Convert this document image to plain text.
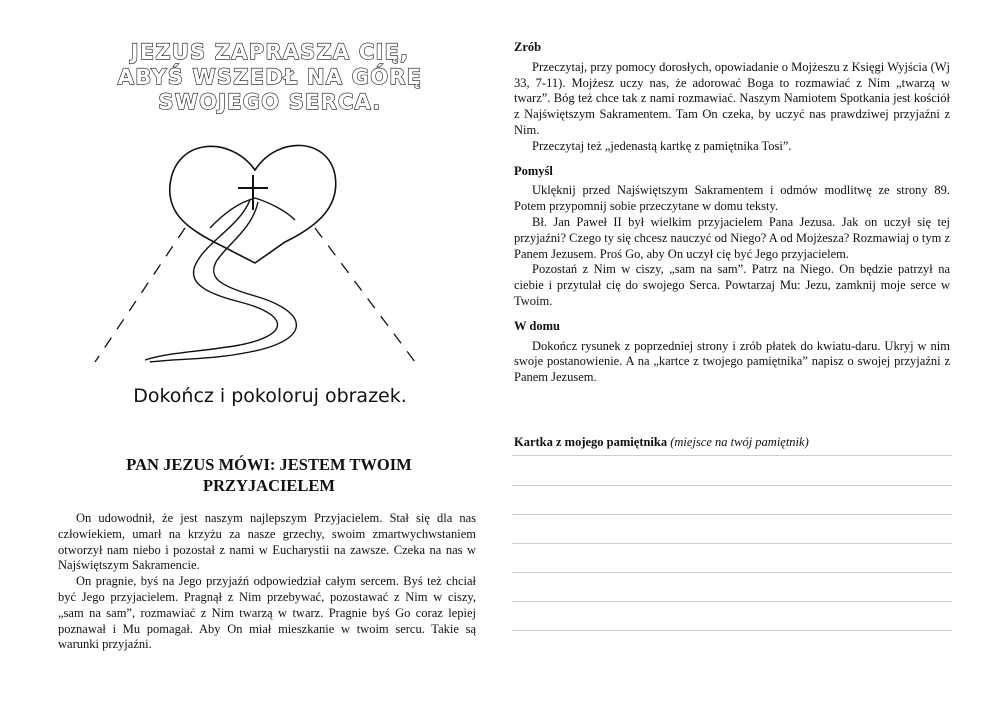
JEZUS ZAPRASZA CIĘ,
ABYŚ WSZEDŁ NA GÓRĘ
SWOJEGO SERCA.
Dokończ i pokoloruj obrazek.
PAN JEZUS MÓWI: JESTEM TWOIM
PRZYJACIELEM

On udowodnił, że jest naszym najlepszym Przyjacielem. Stał się dla nas człowiekiem, umarł na krzyżu za nasze grzechy, swoim zmartwychwstaniem otworzył nam niebo i pozostał z nami w Eucharystii na zawsze. Czeka na nas w Najświętszym Sakramencie.

On pragnie, byś na Jego przyjaźń odpowiedział całym sercem. Byś też chciał być Jego przyjacielem. Pragnął z Nim przebywać, pozostawać z Nim w ciszy, „sam na sam”, rozmawiać z Nim twarzą w twarz. Pragnie byś Go coraz lepiej poznawał i Mu pomagał. Aby On miał mieszkanie w twoim sercu. Takie są warunki przyjaźni.

Zrób

Przeczytaj, przy pomocy dorosłych, opowiadanie o Mojżeszu z Księgi Wyjścia (Wj 33, 7-11). Mojżesz uczy nas, że adorować Boga to rozmawiać z Nim „twarzą w twarz”. Bóg też chce tak z nami rozmawiać. Naszym Namiotem Spotkania jest kościół z Najświętszym Sakramentem. Tam On czeka, by uczyć nas prawdziwej przyjaźni z Nim.

Przeczytaj też „jedenastą kartkę z pamiętnika Tosi”.

Pomyśl

Uklęknij przed Najświętszym Sakramentem i odmów modlitwę ze strony 89. Potem przypomnij sobie przeczytane w domu teksty.

Bł. Jan Paweł II był wielkim przyjacielem Pana Jezusa. Jak on uczył się tej przyjaźni? Czego ty się chcesz nauczyć od Niego? A od Mojżesza? Rozmawiaj o tym z Panem Jezusem. Proś Go, aby On uczył cię być Jego przyjacielem.

Pozostań z Nim w ciszy, „sam na sam”. Patrz na Niego. On będzie patrzył na ciebie i przytulał cię do swojego Serca. Powtarzaj Mu: Jezu, zamknij moje serce w Twoim.

W domu

Dokończ rysunek z poprzedniej strony i zrób płatek do kwiatu-daru. Ukryj w nim swoje postanowienie. A na „kartce z twojego pamiętnika” napisz o swojej przyjaźni z Panem Jezusem.

Kartka z mojego pamiętnika (miejsce na twój pamiętnik)
